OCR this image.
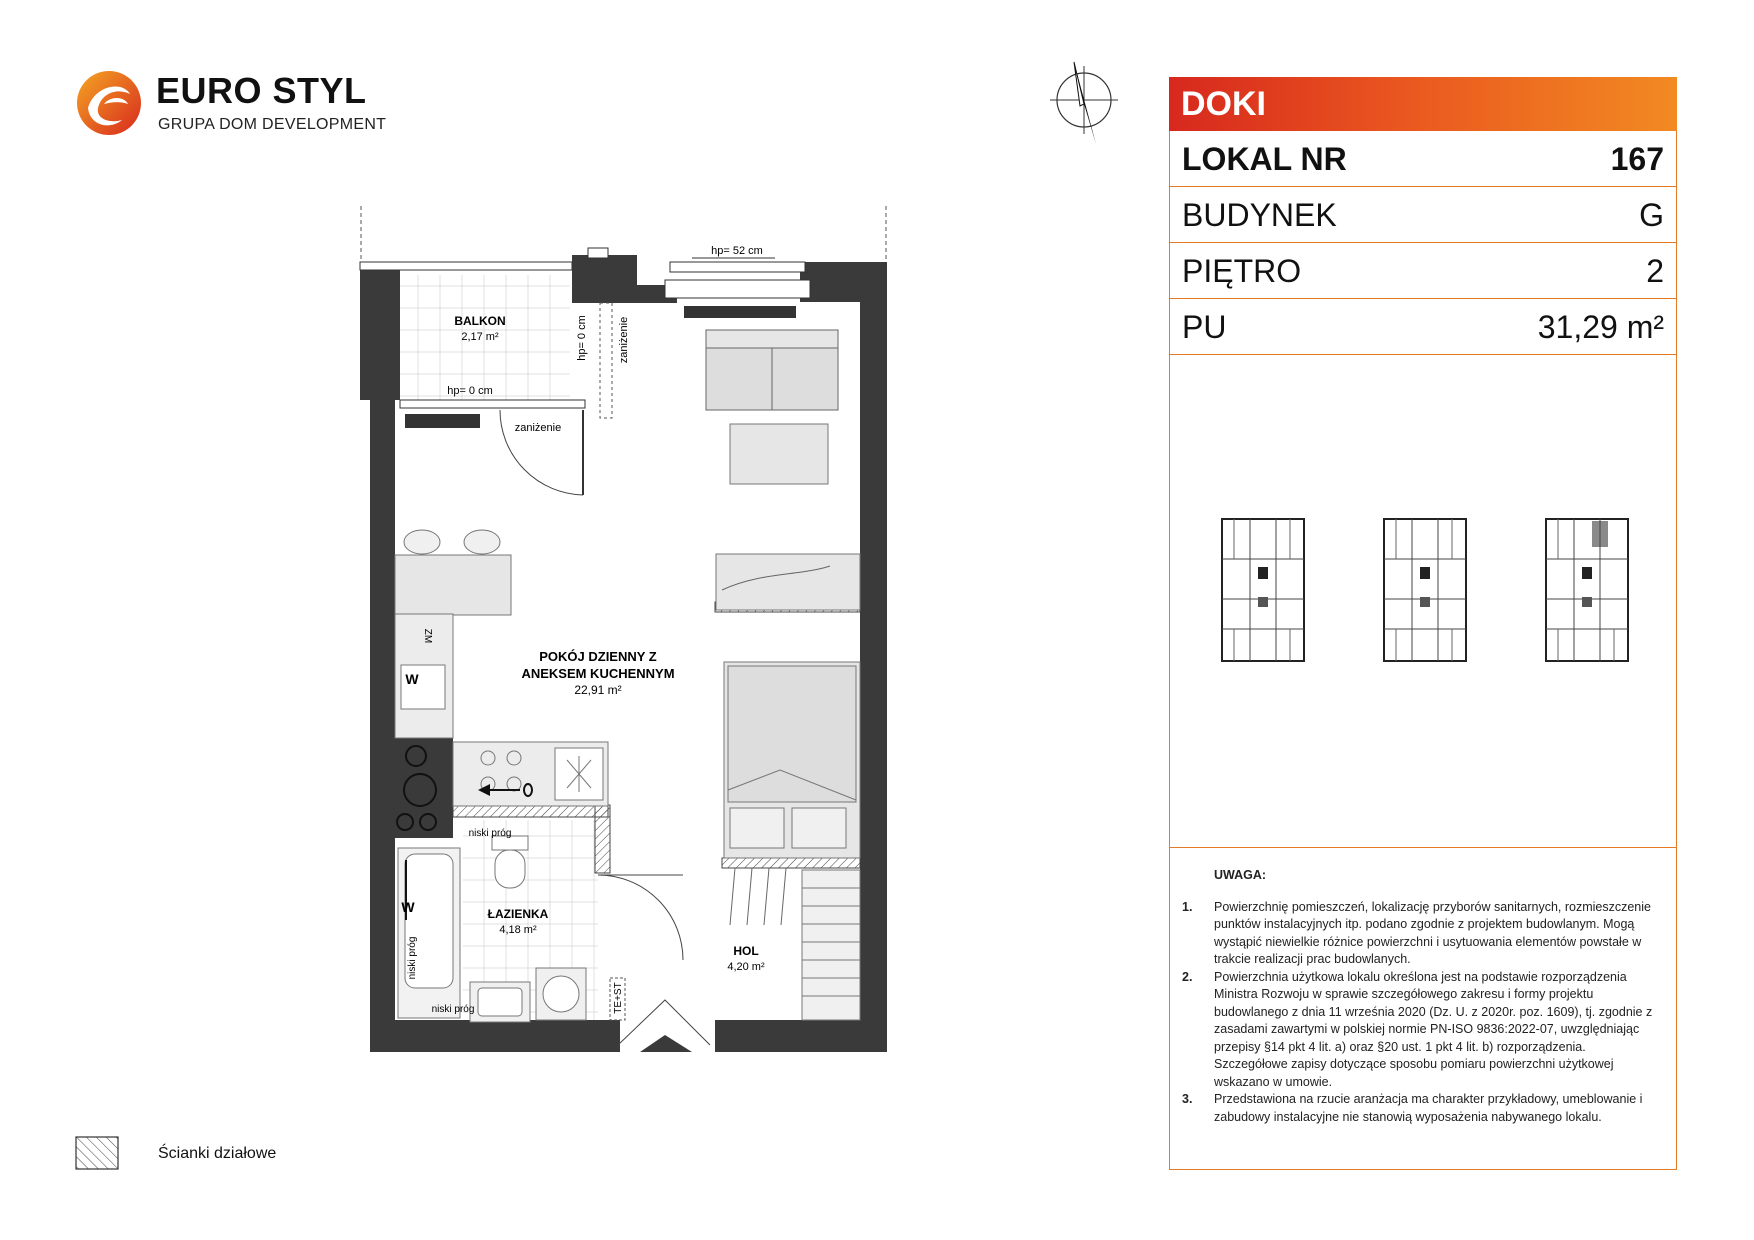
EURO STYL
GRUPA DOM DEVELOPMENT
DOKI
LOKAL NR	167
BUDYNEK	G
PIĘTRO	2
PU	31,29 m²
UWAGA:
1. Powierzchnię pomieszczeń, lokalizację przyborów sanitarnych, rozmieszczenie punktów instalacyjnych itp. podano zgodnie z projektem budowlanym. Mogą wystąpić niewielkie różnice powierzchni i usytuowania elementów powstałe w trakcie realizacji prac budowlanych.
2. Powierzchnia użytkowa lokalu określona jest na podstawie rozporządzenia Ministra Rozwoju w sprawie szczegółowego zakresu i formy projektu budowlanego z dnia 11 września 2020 (Dz. U. z 2020r. poz. 1609), tj. zgodnie z zasadami zawartymi w polskiej normie PN-ISO 9836:2022-07, uwzględniając przepisy §14 pkt 4 lit. a) oraz §20 ust. 1 pkt 4 lit. b) rozporządzenia. Szczegółowe zapisy dotyczące sposobu pomiaru powierzchni użytkowej wskazano w umowie.
3. Przedstawiona na rzucie aranżacja ma charakter przykładowy, umeblowanie i zabudowy instalacyjne nie stanowią wyposażenia nabywanego lokalu.
BALKON
2,17 m²
POKÓJ DZIENNY Z
ANEKSEM KUCHENNYM
22,91 m²
ŁAZIENKA
4,18 m²
HOL
4,20 m²
hp= 52 cm
hp= 0 cm
hp= 0 cm	zaniżenie
zaniżenie
niski próg
niski próg
niski próg
ZM
W
W
TE+ST
Ścianki działowe
